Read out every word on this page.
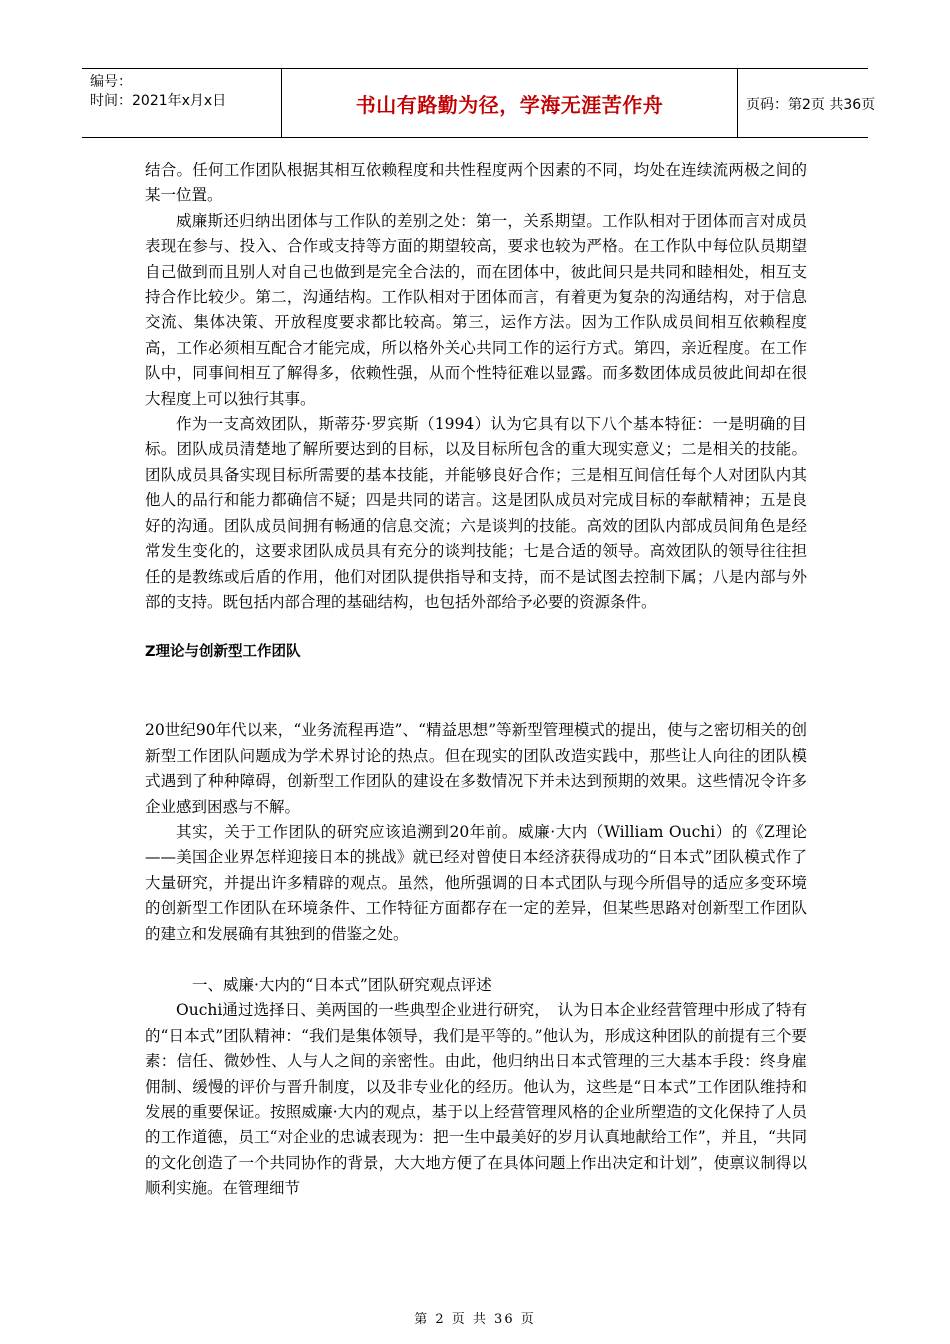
编号：
时间：2021年x月x日	书山有路勤为径，学海无涯苦作舟	页码：第2页 共36页

结合。任何工作团队根据其相互依赖程度和共性程度两个因素的不同，均处在连续流两极之间的某一位置。

威廉斯还归纳出团体与工作队的差别之处：第一，关系期望。工作队相对于团体而言对成员表现在参与、投入、合作或支持等方面的期望较高，要求也较为严格。在工作队中每位队员期望自己做到而且别人对自己也做到是完全合法的，而在团体中，彼此间只是共同和睦相处，相互支持合作比较少。第二，沟通结构。工作队相对于团体而言，有着更为复杂的沟通结构，对于信息交流、集体决策、开放程度要求都比较高。第三，运作方法。因为工作队成员间相互依赖程度高，工作必须相互配合才能完成，所以格外关心共同工作的运行方式。第四，亲近程度。在工作队中，同事间相互了解得多，依赖性强，从而个性特征难以显露。而多数团体成员彼此间却在很大程度上可以独行其事。

作为一支高效团队，斯蒂芬·罗宾斯（1994）认为它具有以下八个基本特征：一是明确的目标。团队成员清楚地了解所要达到的目标，以及目标所包含的重大现实意义；二是相关的技能。团队成员具备实现目标所需要的基本技能，并能够良好合作；三是相互间信任每个人对团队内其他人的品行和能力都确信不疑；四是共同的诺言。这是团队成员对完成目标的奉献精神；五是良好的沟通。团队成员间拥有畅通的信息交流；六是谈判的技能。高效的团队内部成员间角色是经常发生变化的，这要求团队成员具有充分的谈判技能；七是合适的领导。高效团队的领导往往担任的是教练或后盾的作用，他们对团队提供指导和支持，而不是试图去控制下属；八是内部与外部的支持。既包括内部合理的基础结构，也包括外部给予必要的资源条件。

Z理论与创新型工作团队

20世纪90年代以来，“业务流程再造”、“精益思想”等新型管理模式的提出，使与之密切相关的创新型工作团队问题成为学术界讨论的热点。但在现实的团队改造实践中，那些让人向往的团队模式遇到了种种障碍，创新型工作团队的建设在多数情况下并未达到预期的效果。这些情况令许多企业感到困惑与不解。

其实，关于工作团队的研究应该追溯到20年前。威廉·大内（William Ouchi）的《Z理论——美国企业界怎样迎接日本的挑战》就已经对曾使日本经济获得成功的“日本式”团队模式作了大量研究，并提出许多精辟的观点。虽然，他所强调的日本式团队与现今所倡导的适应多变环境的创新型工作团队在环境条件、工作特征方面都存在一定的差异，但某些思路对创新型工作团队的建立和发展确有其独到的借鉴之处。

一、威廉·大内的“日本式”团队研究观点评述

Ouchi通过选择日、美两国的一些典型企业进行研究，　认为日本企业经营管理中形成了特有的“日本式”团队精神：“我们是集体领导，我们是平等的。”他认为，形成这种团队的前提有三个要素：信任、微妙性、人与人之间的亲密性。由此，他归纳出日本式管理的三大基本手段：终身雇佣制、缓慢的评价与晋升制度，以及非专业化的经历。他认为，这些是“日本式”工作团队维持和发展的重要保证。按照威廉·大内的观点，基于以上经营管理风格的企业所塑造的文化保持了人员的工作道德，员工“对企业的忠诚表现为：把一生中最美好的岁月认真地献给工作”，并且，“共同的文化创造了一个共同协作的背景，大大地方便了在具体问题上作出决定和计划”，使禀议制得以顺利实施。在管理细节

第 2 页 共 36 页
